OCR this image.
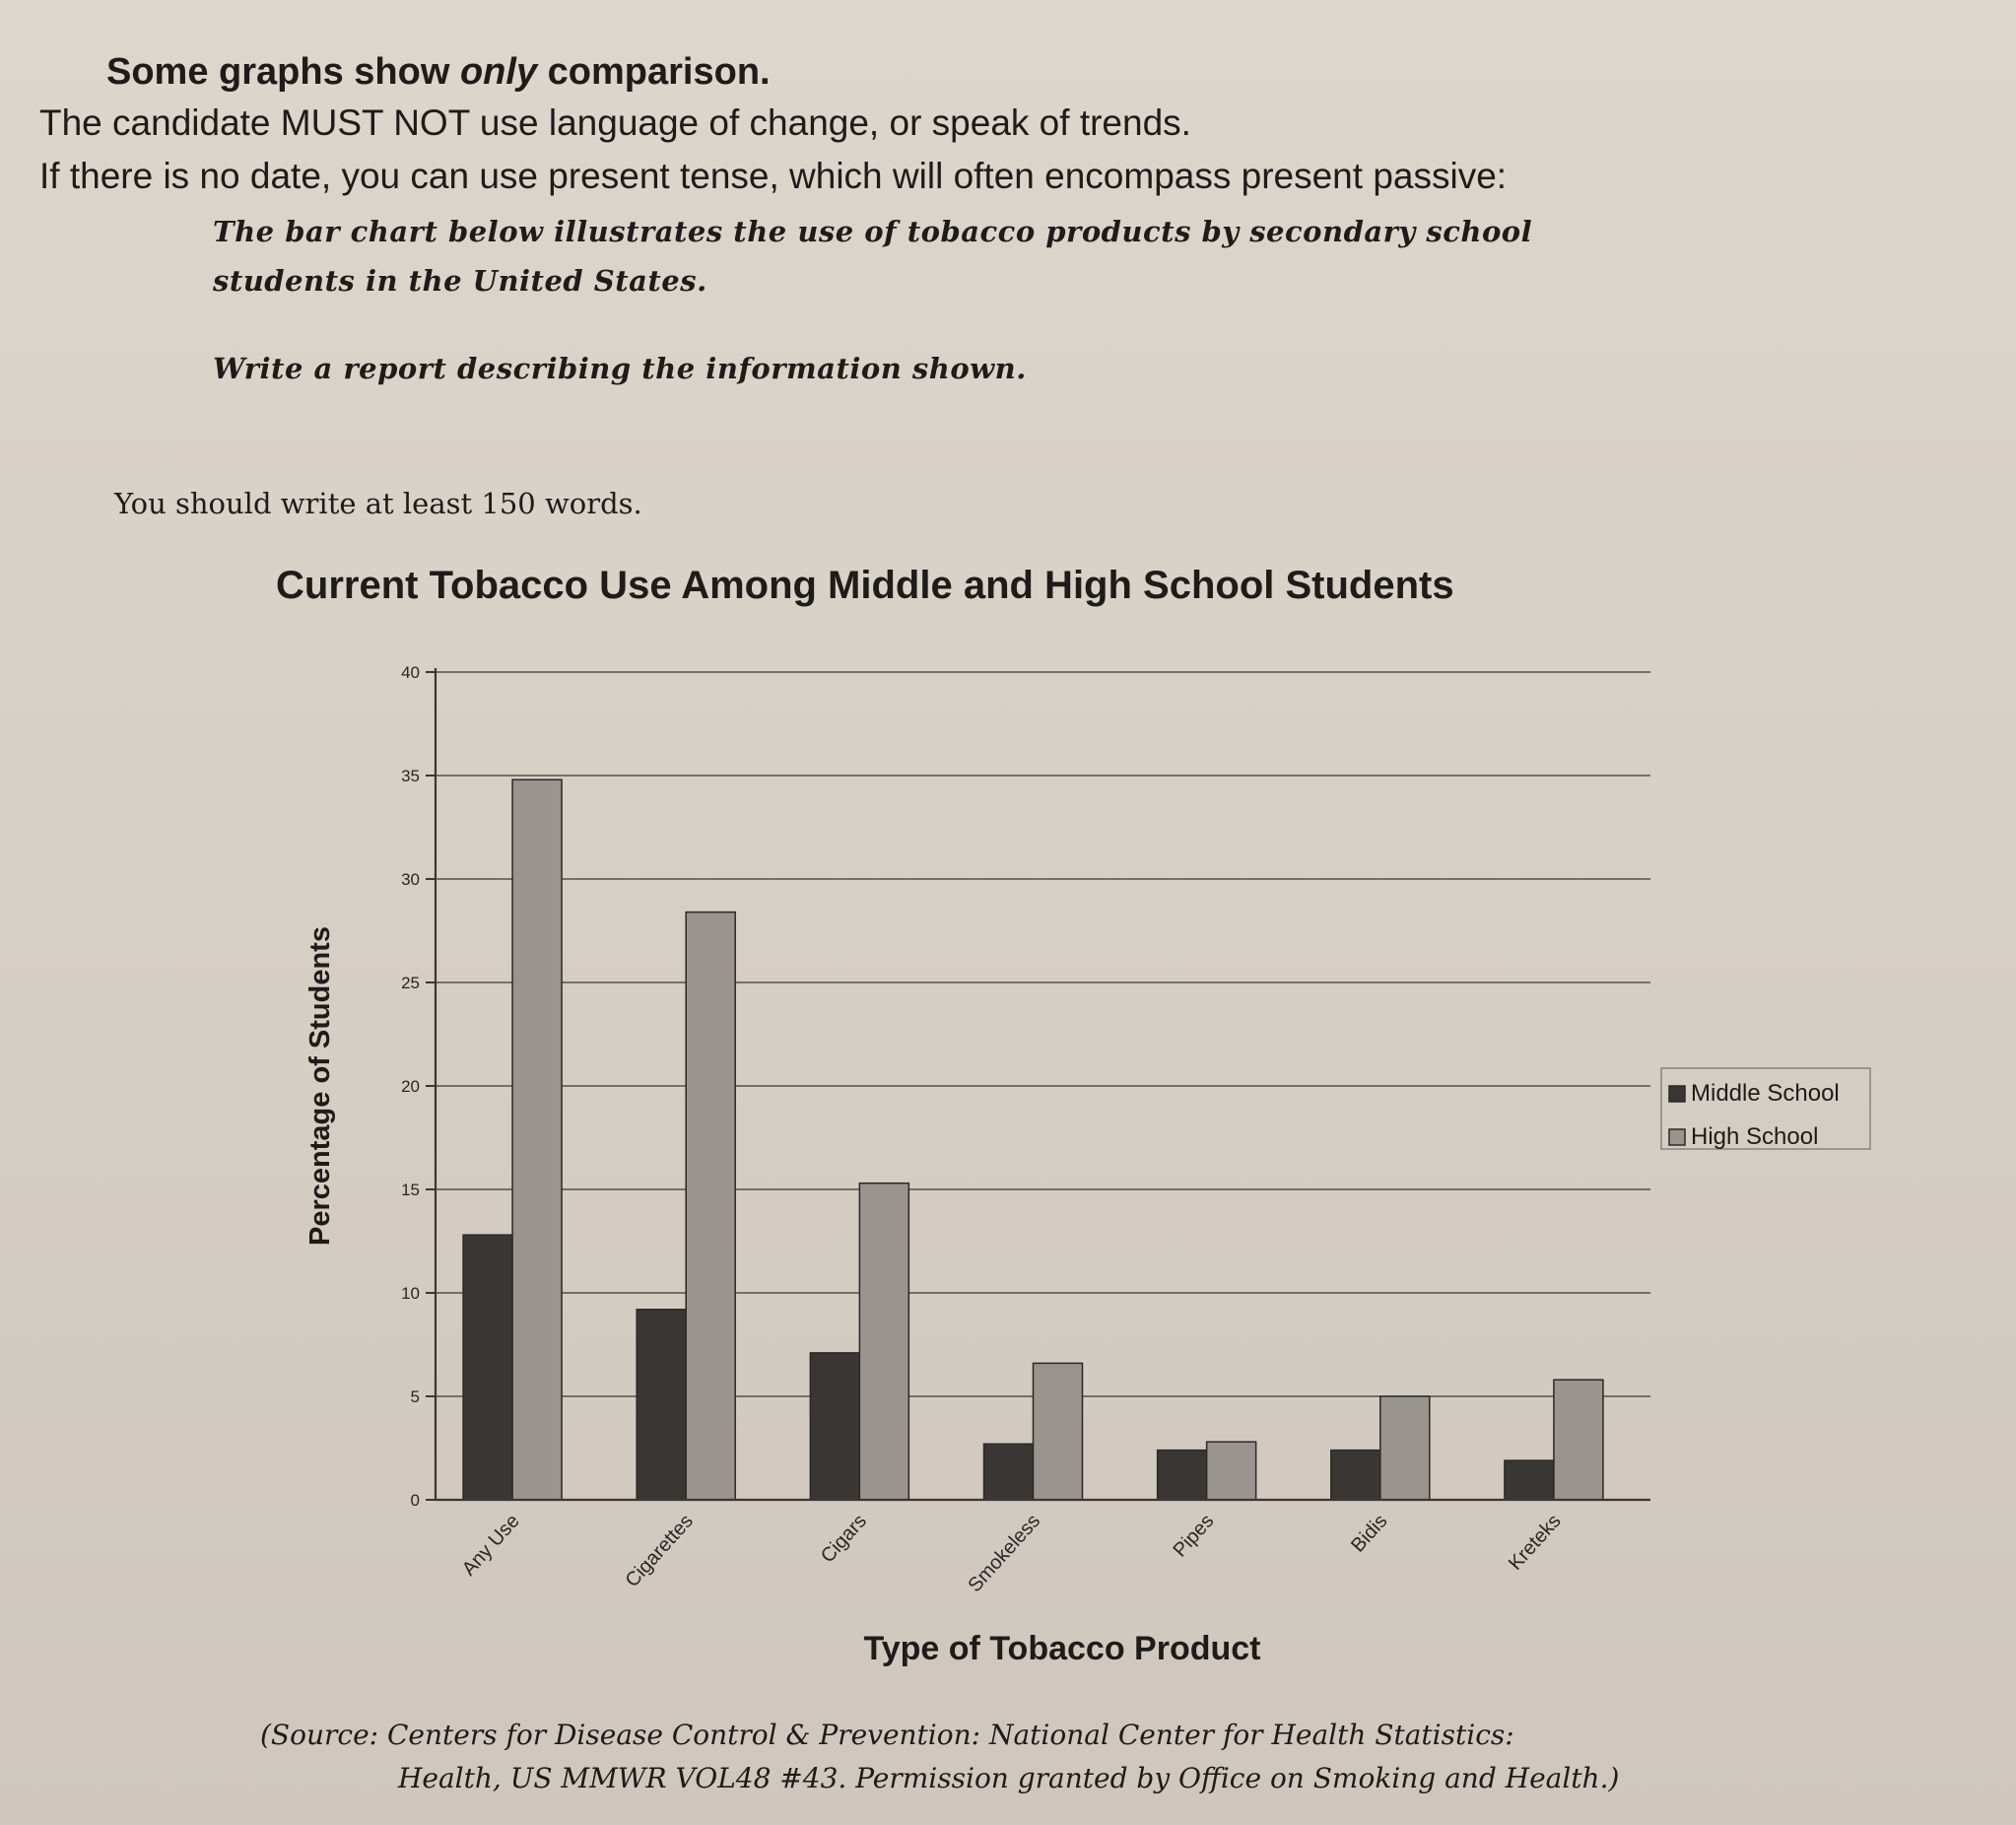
Some graphs show only comparison.
The candidate MUST NOT use language of change, or speak of trends.
If there is no date, you can use present tense, which will often encompass present passive:
The bar chart below illustrates the use of tobacco products by secondary school
students in the United States.
Write a report describing the information shown.
You should write at least 150 words.
Current Tobacco Use Among Middle and High School Students
0
5
10
15
20
25
30
35
40
Any Use	Cigarettes	Cigars	Smokeless	Pipes	Bidis	Kreteks
Percentage of Students
Type of Tobacco Product
Middle School
High School
(Source: Centers for Disease Control & Prevention: National Center for Health Statistics:
Health, US MMWR VOL48 #43. Permission granted by Office on Smoking and Health.)
